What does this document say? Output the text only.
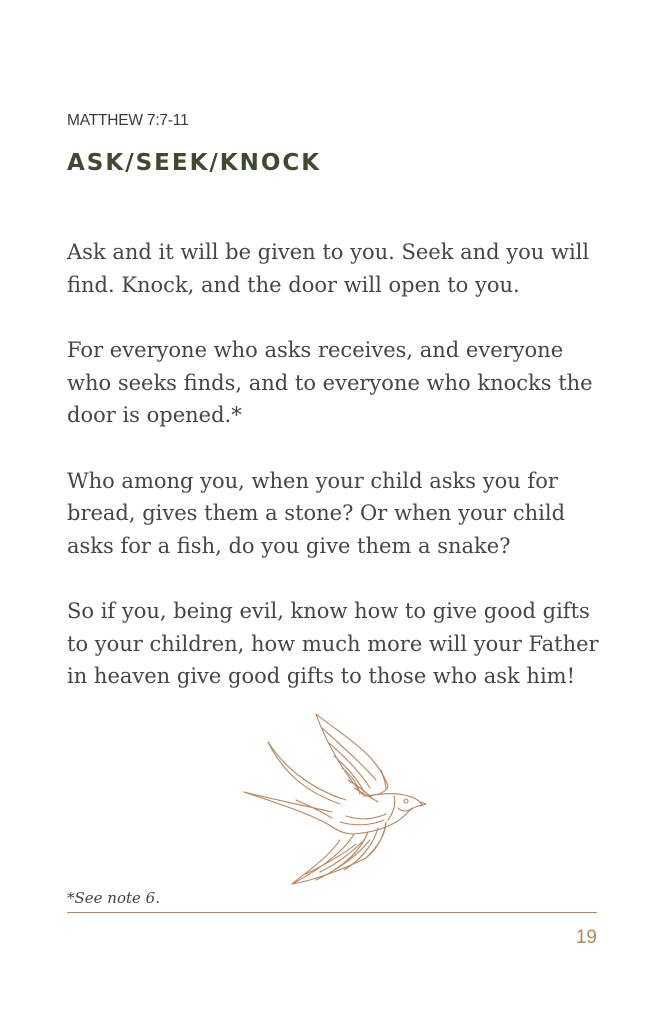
MATTHEW 7:7-11
ASK/SEEK/KNOCK

Ask and it will be given to you. Seek and you will find. Knock, and the door will open to you.

For everyone who asks receives, and everyone who seeks finds, and to everyone who knocks the door is opened.*

Who among you, when your child asks you for bread, gives them a stone? Or when your child asks for a fish, do you give them a snake?

So if you, being evil, know how to give good gifts to your children, how much more will your Father in heaven give good gifts to those who ask him!

*See note 6.
19
